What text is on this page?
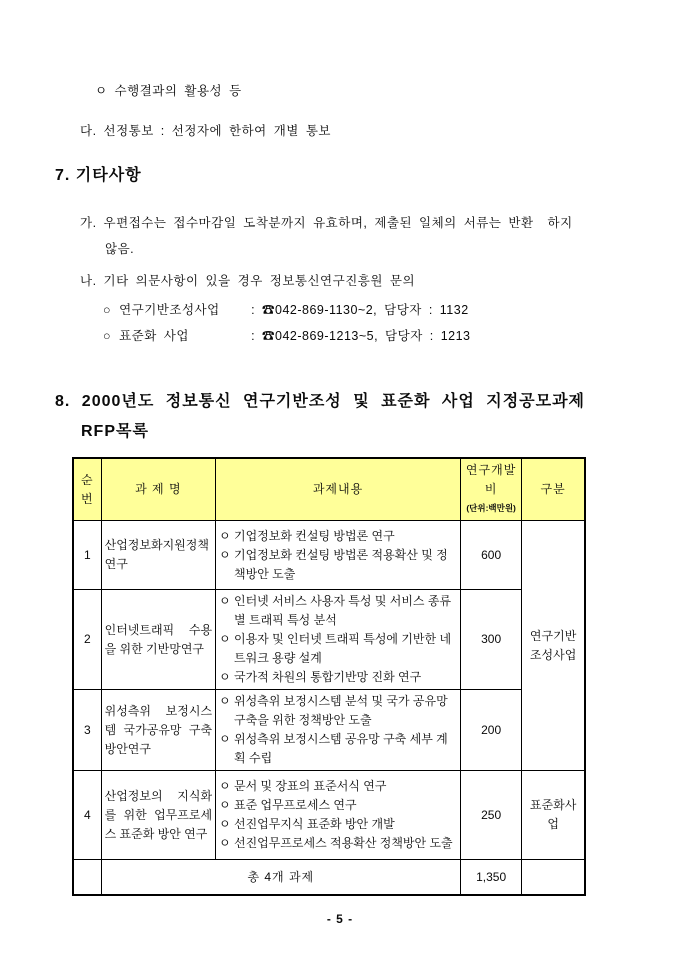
ㅇ 수행결과의 활용성 등
다. 선정통보 : 선정자에 한하여 개별 통보
7. 기타사항
가. 우편접수는 접수마감일 도착분까지 유효하며, 제출된 일체의 서류는 반환  하지
않음.
나. 기타 의문사항이 있을 경우 정보통신연구진흥원 문의
○ 연구기반조성사업	: ☎042-869-1130~2, 담당자 : 1132
○ 표준화 사업	: ☎042-869-1213~5, 담당자 : 1213
8. 2000년도 정보통신 연구기반조성 및 표준화 사업 지정공모과제
RFP목록
순번	과 제 명	과제내용	연구개발비
(단위:백만원)	구분
1	산업정보화지원정책 연구	ㅇ 기업정보화 컨설팅 방법론 연구
ㅇ 기업정보화 컨설팅 방법론 적용확산 및 정책방안 도출	600	연구기반조성사업
2	인터넷트래픽 수용을 위한 기반망연구	ㅇ 인터넷 서비스 사용자 특성 및 서비스 종류별 트래픽 특성 분석
ㅇ 이용자 및 인터넷 트래픽 특성에 기반한 네트워크 용량 설계
ㅇ 국가적 차원의 통합기반망 진화 연구	300	
3	위성측위 보정시스템 국가공유망 구축 방안연구	ㅇ 위성측위 보정시스템 분석 및 국가 공유망 구축을 위한 정책방안 도출
ㅇ 위성측위 보정시스템 공유망 구축 세부 계획 수립	200	
4	산업정보의 지식화를 위한 업무프로세스 표준화 방안 연구	ㅇ 문서 및 장표의 표준서식 연구
ㅇ 표준 업무프로세스 연구
ㅇ 선진업무지식 표준화 방안 개발
ㅇ 선진업무프로세스 적용확산 정책방안 도출	250	표준화사업
	총 4개 과제		1,350	
- 5 -
